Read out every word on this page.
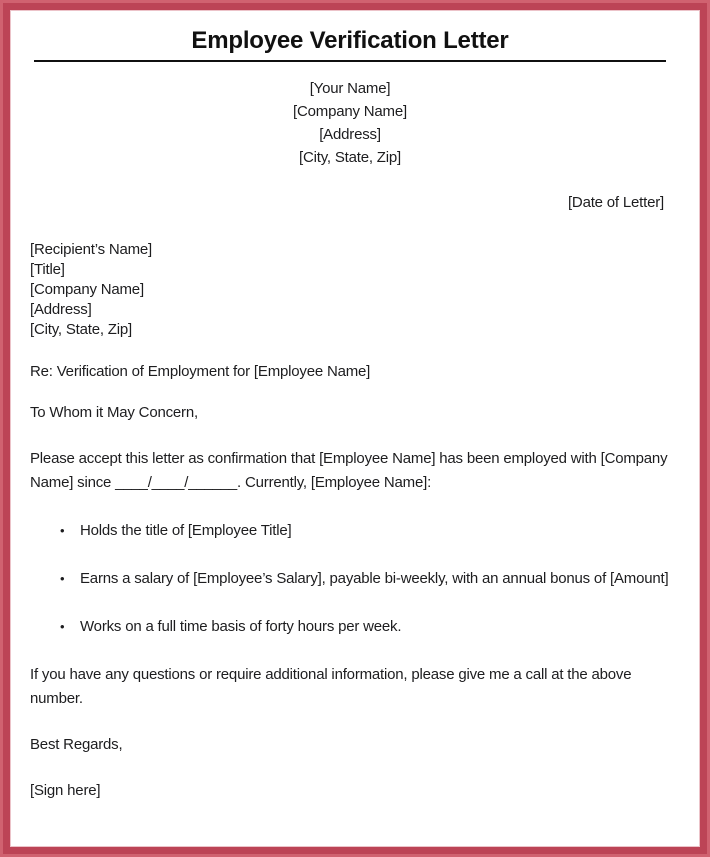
Employee Verification Letter
[Your Name]
[Company Name]
[Address]
[City, State, Zip]
[Date of Letter]
[Recipient’s Name]
[Title]
[Company Name]
[Address]
[City, State, Zip]

Re: Verification of Employment for [Employee Name]

To Whom it May Concern,

Please accept this letter as confirmation that [Employee Name] has been employed with [Company Name] since ____/____/______. Currently, [Employee Name]:

•	Holds the title of [Employee Title]
•	Earns a salary of [Employee’s Salary], payable bi-weekly, with an annual bonus of [Amount]
•	Works on a full time basis of forty hours per week.

If you have any questions or require additional information, please give me a call at the above number.

Best Regards,

[Sign here]
